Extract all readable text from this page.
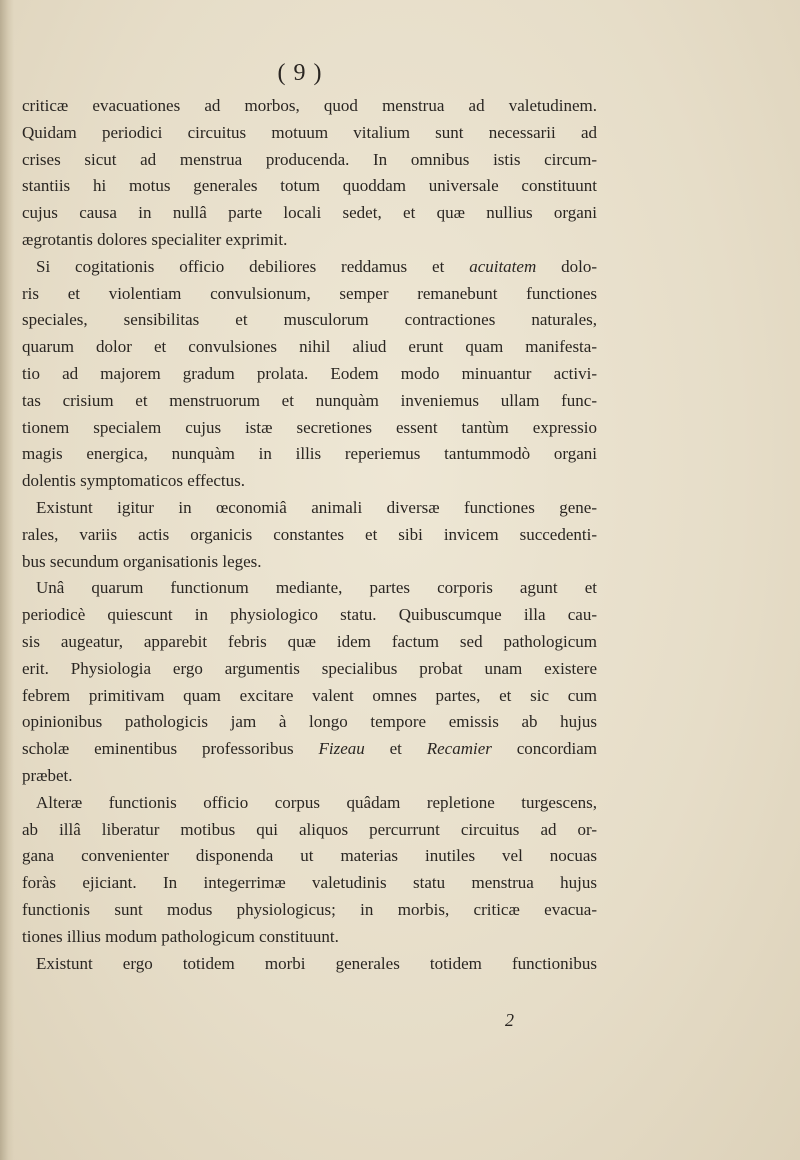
( 9 )
criticæ evacuationes ad morbos, quod menstrua ad valetudinem.
Quidam periodici circuitus motuum vitalium sunt necessarii ad
crises sicut ad menstrua producenda. In omnibus istis circum-
stantiis hi motus generales totum quoddam universale constituunt
cujus causa in nullâ parte locali sedet, et quæ nullius organi
ægrotantis dolores specialiter exprimit.
Si cogitationis officio debiliores reddamus et acuitatem dolo-
ris et violentiam convulsionum, semper remanebunt functiones
speciales, sensibilitas et musculorum contractiones naturales,
quarum dolor et convulsiones nihil aliud erunt quam manifesta-
tio ad majorem gradum prolata. Eodem modo minuantur activi-
tas crisium et menstruorum et nunquàm inveniemus ullam func-
tionem specialem cujus istæ secretiones essent tantùm expressio
magis energica, nunquàm in illis reperiemus tantummodò organi
dolentis symptomaticos effectus.
Existunt igitur in œconomiâ animali diversæ functiones gene-
rales, variis actis organicis constantes et sibi invicem succedenti-
bus secundum organisationis leges.
Unâ quarum functionum mediante, partes corporis agunt et
periodicè quiescunt in physiologico statu. Quibuscumque illa cau-
sis augeatur, apparebit febris quæ idem factum sed pathologicum
erit. Physiologia ergo argumentis specialibus probat unam existere
febrem primitivam quam excitare valent omnes partes, et sic cum
opinionibus pathologicis jam à longo tempore emissis ab hujus
scholæ eminentibus professoribus Fizeau et Recamier concordiam
præbet.
Alteræ functionis officio corpus quâdam repletione turgescens,
ab illâ liberatur motibus qui aliquos percurrunt circuitus ad or-
gana convenienter disponenda ut materias inutiles vel nocuas
foràs ejiciant. In integerrimæ valetudinis statu menstrua hujus
functionis sunt modus physiologicus; in morbis, criticæ evacua-
tiones illius modum pathologicum constituunt.
Existunt ergo totidem morbi generales totidem functionibus
2
